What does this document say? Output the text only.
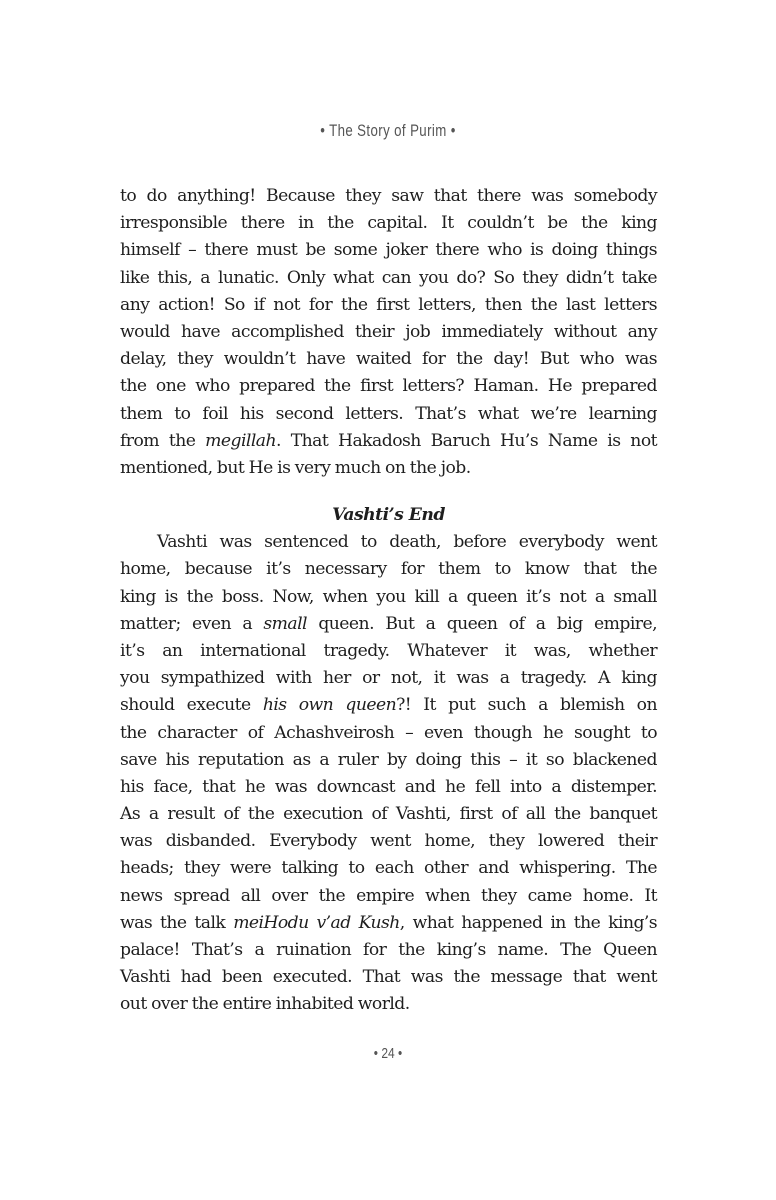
• The Story of Purim •
to do anything! Because they saw that there was somebody
irresponsible there in the capital. It couldn’t be the king
himself – there must be some joker there who is doing things
like this, a lunatic. Only what can you do? So they didn’t take
any action! So if not for the first letters, then the last letters
would have accomplished their job immediately without any
delay, they wouldn’t have waited for the day! But who was
the one who prepared the first letters? Haman. He prepared
them to foil his second letters. That’s what we’re learning
from the megillah. That Hakadosh Baruch Hu’s Name is not
mentioned, but He is very much on the job.
Vashti’s End
Vashti was sentenced to death, before everybody went
home, because it’s necessary for them to know that the
king is the boss. Now, when you kill a queen it’s not a small
matter; even a small queen. But a queen of a big empire,
it’s an international tragedy. Whatever it was, whether
you sympathized with her or not, it was a tragedy. A king
should execute his own queen?! It put such a blemish on
the character of Achashveirosh – even though he sought to
save his reputation as a ruler by doing this – it so blackened
his face, that he was downcast and he fell into a distemper.
As a result of the execution of Vashti, first of all the banquet
was disbanded. Everybody went home, they lowered their
heads; they were talking to each other and whispering. The
news spread all over the empire when they came home. It
was the talk meiHodu v’ad Kush, what happened in the king’s
palace! That’s a ruination for the king’s name. The Queen
Vashti had been executed. That was the message that went
out over the entire inhabited world.
• 24 •
